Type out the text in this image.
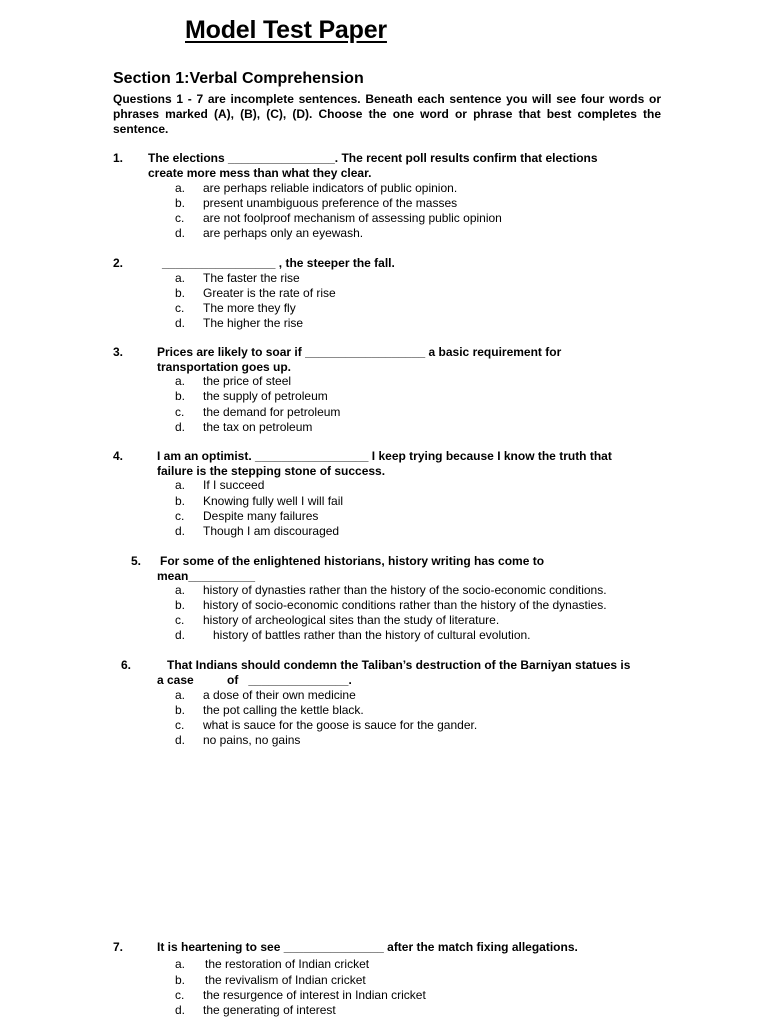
Model Test Paper
Section 1:Verbal Comprehension
Questions 1 - 7 are incomplete sentences. Beneath each sentence you will see four words or phrases marked (A), (B), (C), (D). Choose the one word or phrase that best completes the sentence.
1. The elections ________________. The recent poll results confirm that elections
create more mess than what they clear.
a. are perhaps reliable indicators of public opinion.
b. present unambiguous preference of the masses
c. are not foolproof mechanism of assessing public opinion
d. are perhaps only an eyewash.
2.	_________________ , the steeper the fall.
a. The faster the rise
b. Greater is the rate of rise
c. The more they fly
d. The higher the rise
3.	Prices are likely to soar if __________________ a basic requirement for
transportation goes up.
a. the price of steel
b. the supply of petroleum
c. the demand for petroleum
d. the tax on petroleum
4.	I am an optimist. _________________ I keep trying because I know the truth that
failure is the stepping stone of success.
a. If I succeed
b. Knowing fully well I will fail
c. Despite many failures
d. Though I am discouraged
5. For some of the enlightened historians, history writing has come to
mean__________
a. history of dynasties rather than the history of the socio-economic conditions.
b. history of socio-economic conditions rather than the history of the dynasties.
c. history of archeological sites than the study of literature.
d. history of battles rather than the history of cultural evolution.
6.	That Indians should condemn the Taliban’s destruction of the Barniyan statues is
a case          of   _______________.
a. a dose of their own medicine
b. the pot calling the kettle black.
c. what is sauce for the goose is sauce for the gander.
d. no pains, no gains
7.	It is heartening to see _______________ after the match fixing allegations.
a. the restoration of Indian cricket
b. the revivalism of Indian cricket
c. the resurgence of interest in Indian cricket
d. the generating of interest
